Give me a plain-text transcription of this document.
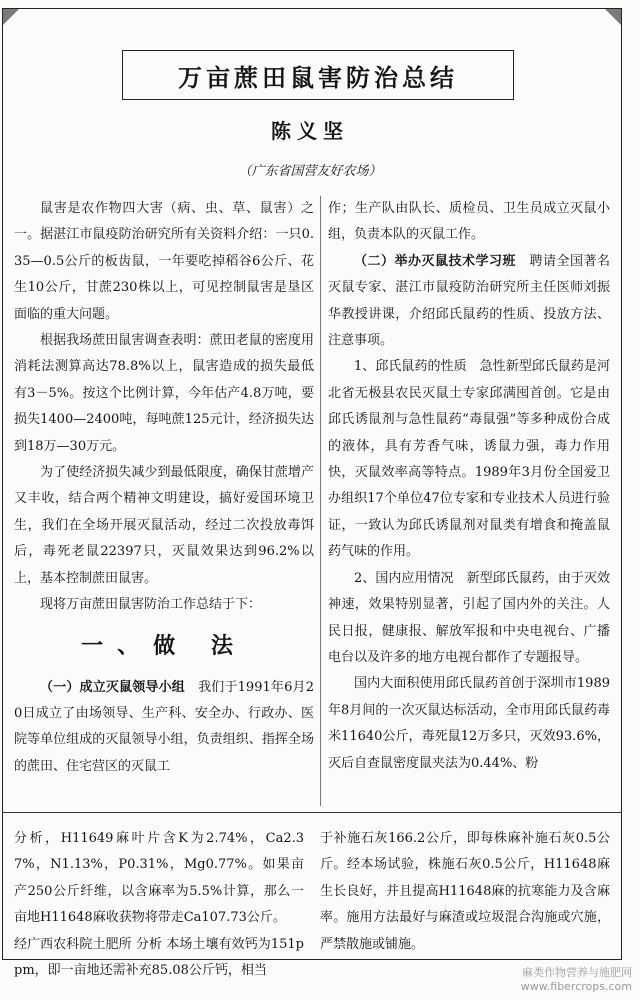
万亩蔗田鼠害防治总结
陈义坚
（广东省国营友好农场）

鼠害是农作物四大害（病、虫、草、鼠害）之一。据湛江市鼠疫防治研究所有关资料介绍：一只0.35—0.5公斤的板齿鼠，一年要吃掉稻谷6公斤、花生10公斤，甘蔗230株以上，可见控制鼠害是垦区面临的重大问题。

根据我场蔗田鼠害调查表明：蔗田老鼠的密度用消耗法测算高达78.8%以上，鼠害造成的损失最低有3－5%。按这个比例计算，今年估产4.8万吨，要损失1400—2400吨，每吨蔗125元计，经济损失达到18万—30万元。

为了使经济损失减少到最低限度，确保甘蔗增产又丰收，结合两个精神文明建设，搞好爱国环境卫生，我们在全场开展灭鼠活动，经过二次投放毒饵后，毒死老鼠22397只，灭鼠效果达到96.2%以上，基本控制蔗田鼠害。

现将万亩蔗田鼠害防治工作总结于下：

一、做 法

（一）成立灭鼠领导小组　 我们于1991年6月20日成立了由场领导、生产科、安全办、行政办、医院等单位组成的灭鼠领导小组，负责组织、指挥全场的蔗田、住宅营区的灭鼠工

作；生产队由队长、质检员、卫生员成立灭鼠小组，负责本队的灭鼠工作。

（二）举办灭鼠技术学习班　 聘请全国著名灭鼠专家、湛江市鼠疫防治研究所主任医师刘振华教授讲课，介绍邱氏鼠药的性质、投放方法、注意事项。

1、邱氏鼠药的性质　急性新型邱氏鼠药是河北省无极县农民灭鼠土专家邱满囤首创。它是由邱氏诱鼠剂与急性鼠药“毒鼠强”等多种成份合成的液体，具有芳香气味，诱鼠力强，毒力作用快，灭鼠效率高等特点。1989年3月份全国爱卫办组织17个单位47位专家和专业技术人员进行验证，一致认为邱氏诱鼠剂对鼠类有增食和掩盖鼠药气味的作用。

2、国内应用情况　新型邱氏鼠药，由于灭效神速，效果特别显著，引起了国内外的关注。人民日报，健康报、解放军报和中央电视台、广播电台以及许多的地方电视台都作了专题报导。

国内大面积使用邱氏鼠药首创于深圳市1989年8月间的一次灭鼠达标活动，全市用邱氏鼠药毒米11640公斤，毒死鼠12万多只，灭效93.6%，灭后自查鼠密度鼠夹法为0.44%、粉

分析，H11649麻叶片含K为2.74%，Ca2.37%，N1.13%，P0.31%，Mg0.77%。如果亩产250公斤纤维，以含麻率为5.5%计算，那么一亩地H11648麻收获物将带走Ca107.73公斤。

经广西农科院土肥所 分析 本场土壤有效钙为151ppm，即一亩地还需补充85.08公斤钙，相当

于补施石灰166.2公斤，即每株麻补施石灰0.5公斤。经本场试验，株施石灰0.5公斤，H11648麻生长良好，并且提高H11648麻的抗寒能力及含麻率。施用方法最好与麻渣或垃圾混合沟施或穴施，严禁散施或铺施。

麻类作物营养与施肥网
www.fibercrops.com
